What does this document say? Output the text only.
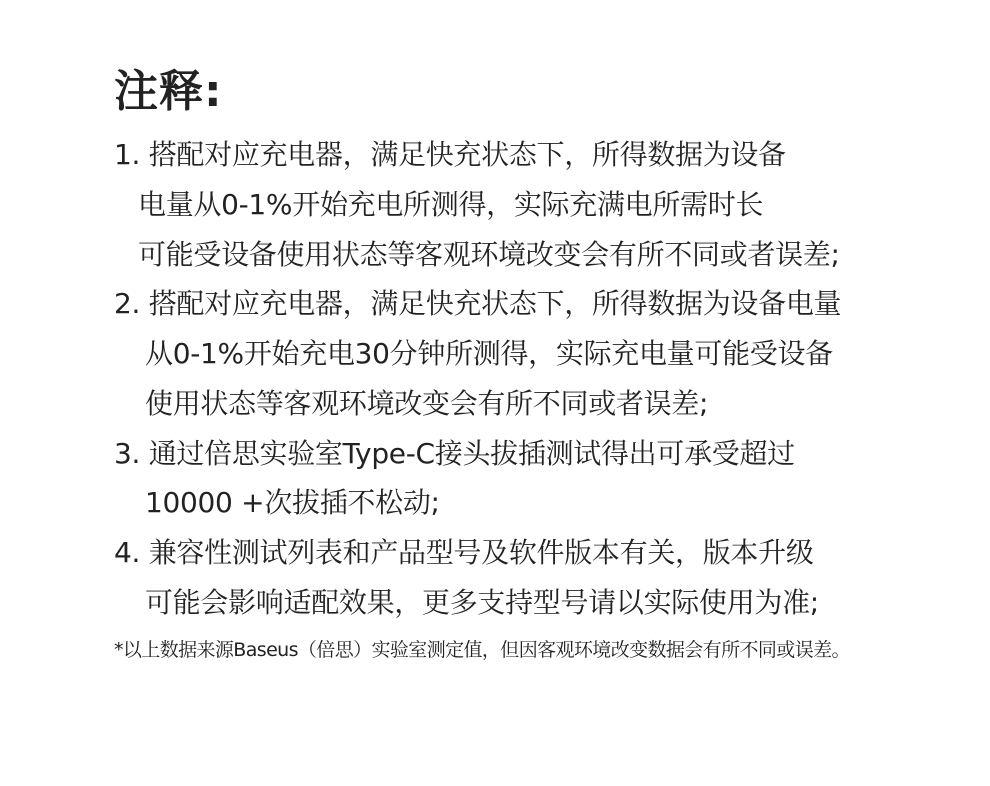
注释:
1. 搭配对应充电器，满足快充状态下，所得数据为设备
电量从0-1%开始充电所测得，实际充满电所需时长
可能受设备使用状态等客观环境改变会有所不同或者误差;
2. 搭配对应充电器，满足快充状态下，所得数据为设备电量
从0-1%开始充电30分钟所测得，实际充电量可能受设备
使用状态等客观环境改变会有所不同或者误差;
3. 通过倍思实验室Type-C接头拔插测试得出可承受超过
10000 +次拔插不松动;
4. 兼容性测试列表和产品型号及软件版本有关，版本升级
可能会影响适配效果，更多支持型号请以实际使用为准;
*以上数据来源Baseus（倍思）实验室测定值，但因客观环境改变数据会有所不同或误差。
